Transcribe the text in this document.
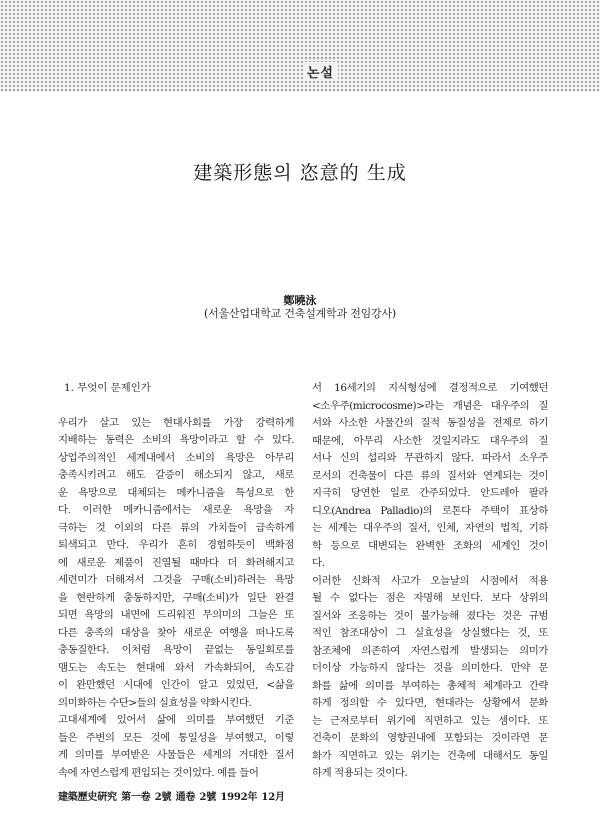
논설
建築形態의 恣意的 生成
鄭曉泳
(서울산업대학교 건축설계학과 전임강사)
1. 무엇이 문제인가
우리가 살고 있는 현대사회를 가장 강력하게
지배하는 동력은 소비의 욕망이라고 할 수 있다.
상업주의적인 세계내에서 소비의 욕망은 아무리
충족시키려고 해도 갈증이 해소되지 않고, 새로
운 욕망으로 대체되는 메카니즘을 특성으로 한
다. 이러한 메카니즘에서는 새로운 욕망을 자
극하는 것 이외의 다른 류의 가치들이 급속하게
퇴색되고 만다. 우리가 흔히 경험하듯이 백화점
에 새로운 제품이 진열될 때마다 더 화려해지고
세련미가 더해져서 그것을 구매(소비)하려는 욕망
을 현란하게 충동하지만, 구매(소비)가 일단 완결
되면 욕망의 내면에 드리워진 무의미의 그늘은 또
다른 충족의 대상을 찾아 새로운 여행을 떠나도록
충동질한다. 이처럼 욕망이 끝없는 동일회로를
맴도는 속도는 현대에 와서 가속화되어, 속도감
이 완만했던 시대에 인간이 알고 있었던, <삶을
의미화하는 수단>들의 실효성을 약화시킨다.
고대세계에 있어서 삶에 의미를 부여했던 기준
들은 주변의 모든 것에 통일성을 부여했고, 이렇
게 의미를 부여받은 사물들은 세계의 거대한 질서
속에 자연스럽게 편입되는 것이었다. 예를 들어
서 16세기의 지식형성에 결정적으로 기여했던
<소우주(microcosme)>라는 개념은 대우주의 질
서와 사소한 사물간의 질적 동질성을 전제로 하기
때문에, 아무리 사소한 것일지라도 대우주의 질
서나 신의 섭리와 무관하지 않다. 따라서 소우주
로서의 건축물이 다른 류의 질서와 연계되는 것이
지극히 당연한 일로 간주되었다. 안드레아 팔라
디오(Andrea Palladio)의 로톤다 주택이 표상하
는 세계는 대우주의 질서, 인체, 자연의 법칙, 기하
학 등으로 대변되는 완벽한 조화의 세계인 것이
다.
이러한 신화적 사고가 오늘날의 시점에서 적용
될 수 없다는 점은 자명해 보인다. 보다 상위의
질서와 조응하는 것이 불가능해 졌다는 것은 규범
적인 참조대상이 그 실효성을 상실했다는 것, 또
참조체에 의존하여 자연스럽게 발생되는 의미가
더이상 가능하지 않다는 것을 의미한다. 만약 문
화를 삶에 의미를 부여하는 총체적 체계라고 간략
하게 정의할 수 있다면, 현대라는 상황에서 문화
는 근저로부터 위기에 직면하고 있는 셈이다. 또
건축이 문화의 영향권내에 포함되는 것이라면 문
화가 직면하고 있는 위기는 건축에 대해서도 동일
하게 적용되는 것이다.
建築歷史硏究 第一卷 2號 通卷 2號 1992年 12月
